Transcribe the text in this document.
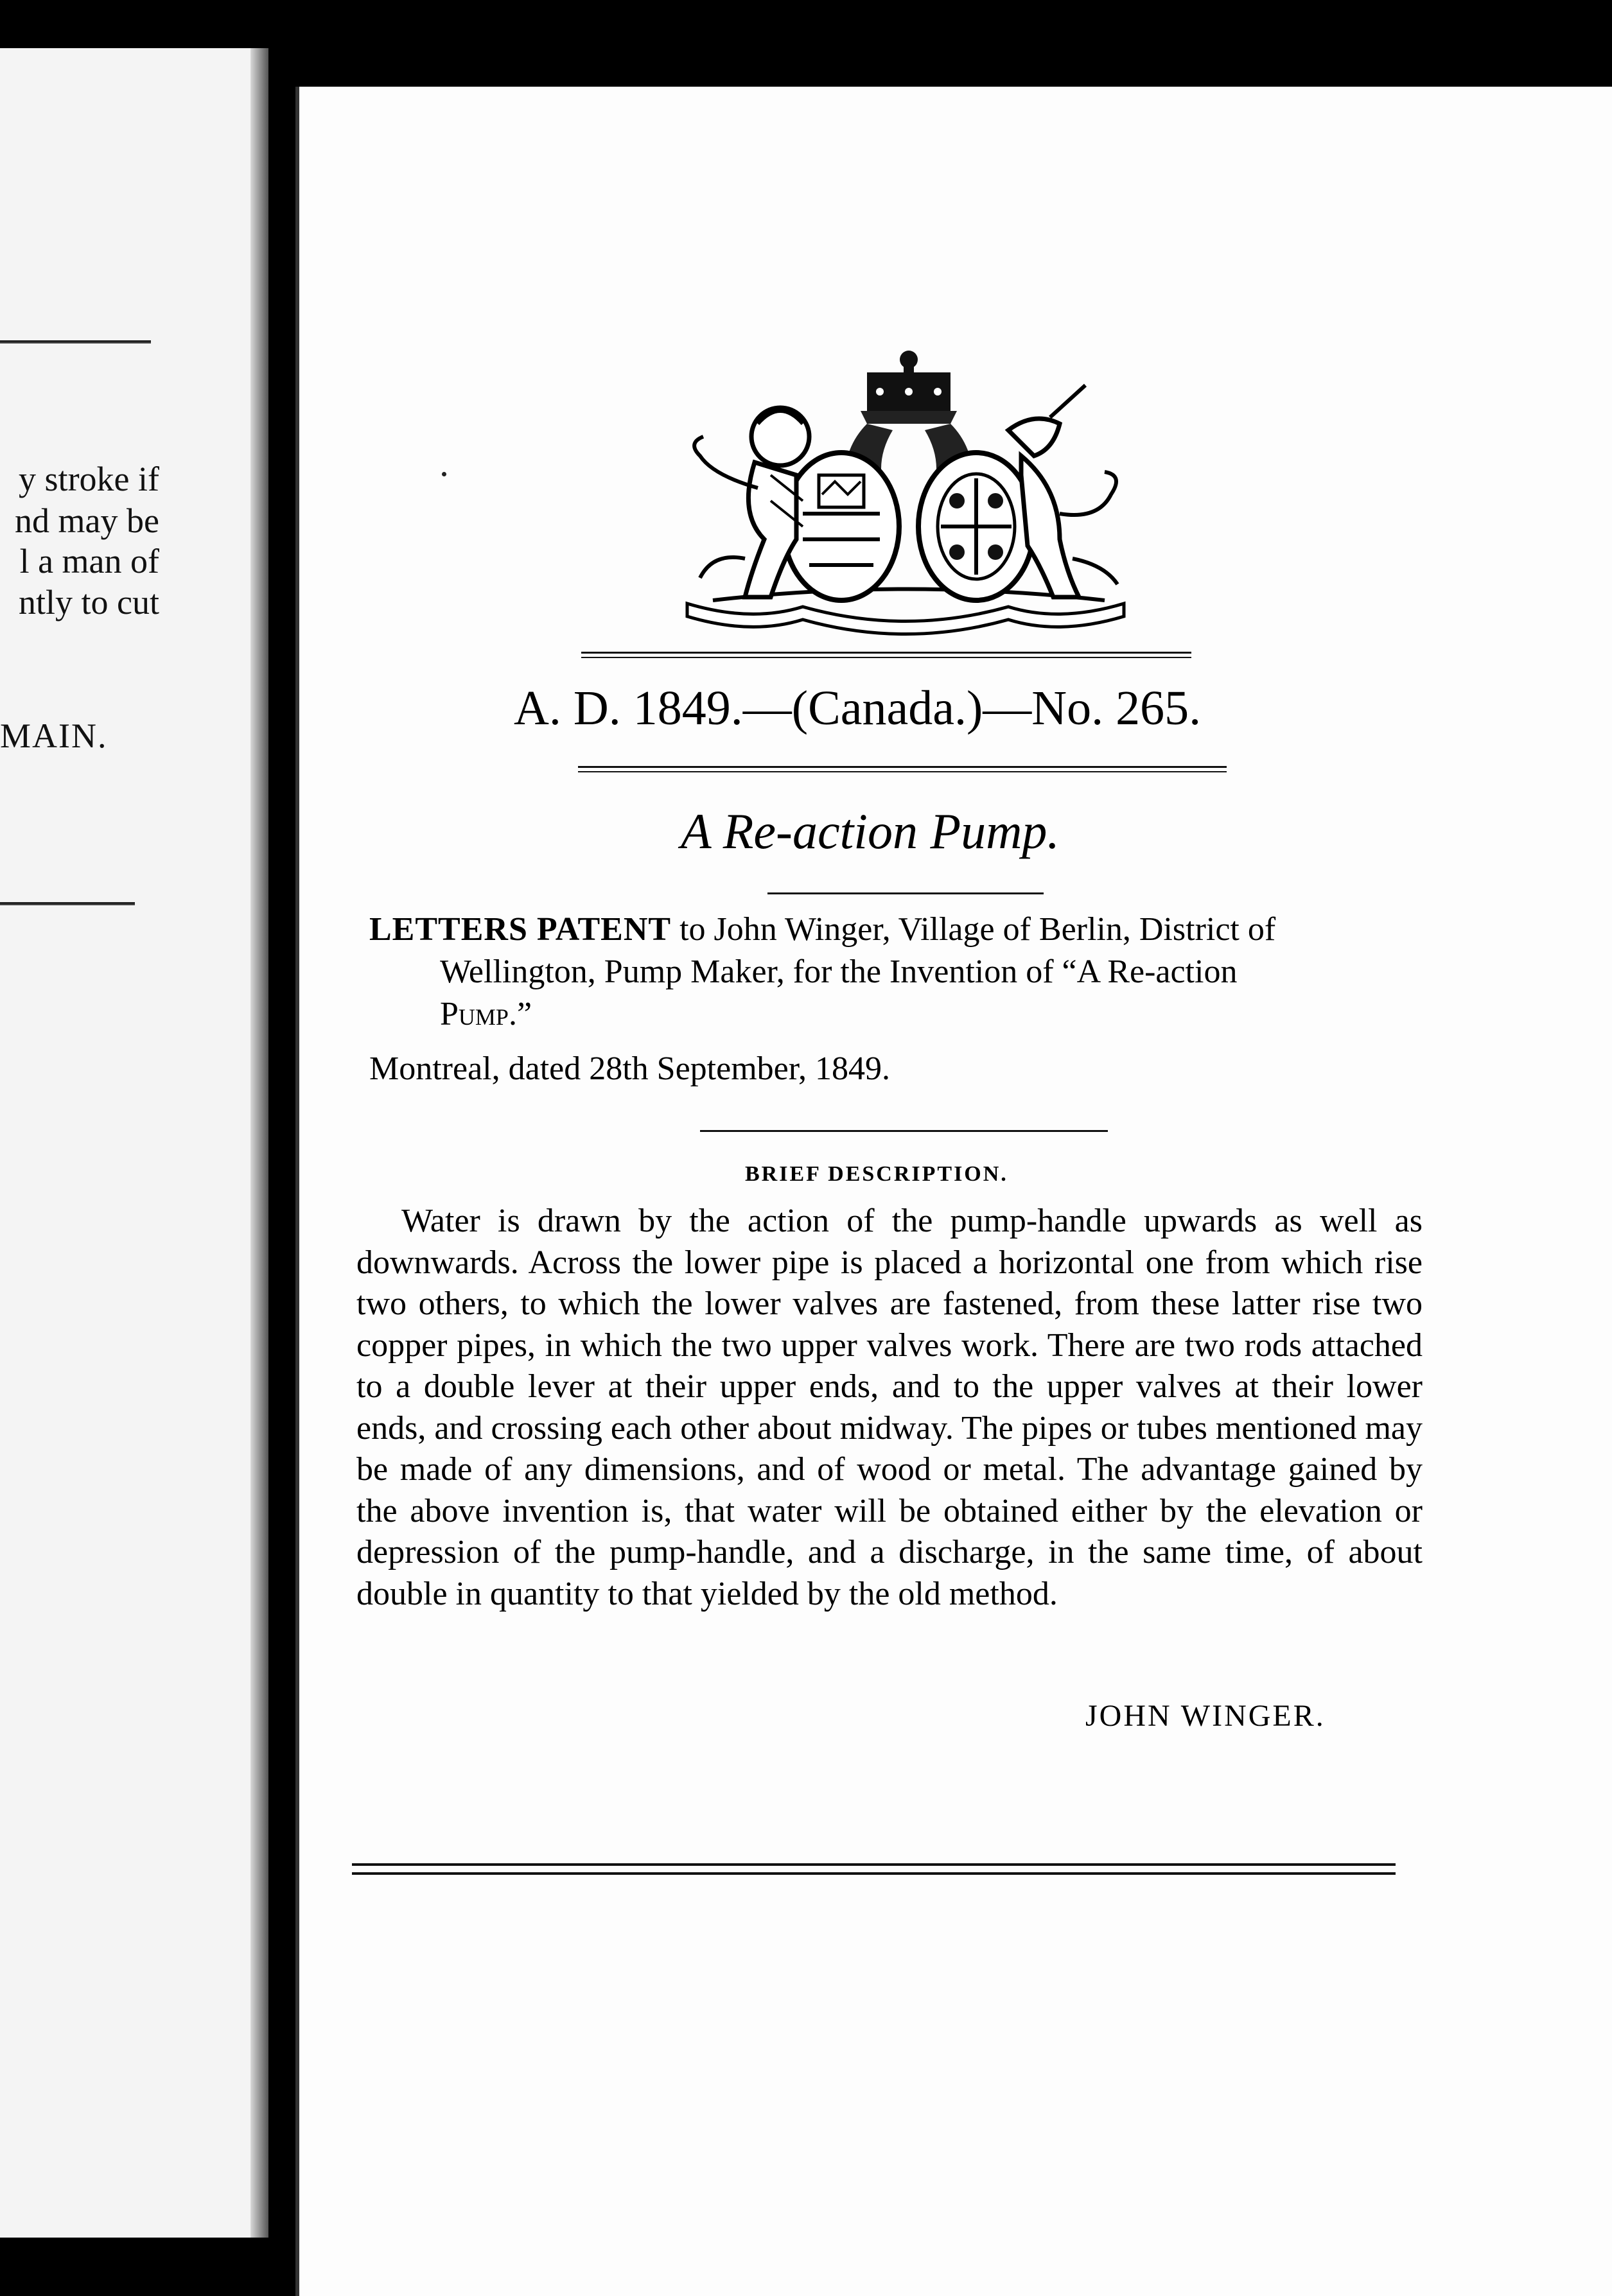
y stroke if
nd may be
l a man of
ntly to cut
MAIN.
A. D. 1849.—(Canada.)—No. 265.
A Re-action Pump.
LETTERS PATENT to John Winger, Village of Berlin, District of
Wellington, Pump Maker, for the Invention of “A Re-action
Pump.”
Montreal, dated 28th September, 1849.
BRIEF DESCRIPTION.
Water is drawn by the action of the pump-handle upwards as well as downwards. Across the lower pipe is placed a horizontal one from which rise two others, to which the lower valves are fastened, from these latter rise two copper pipes, in which the two upper valves work. There are two rods attached to a double lever at their upper ends, and to the upper valves at their lower ends, and crossing each other about midway. The pipes or tubes mentioned may be made of any dimensions, and of wood or metal. The advantage gained by the above invention is, that water will be obtained either by the elevation or depression of the pump-handle, and a discharge, in the same time, of about double in quantity to that yielded by the old method.
JOHN WINGER.
